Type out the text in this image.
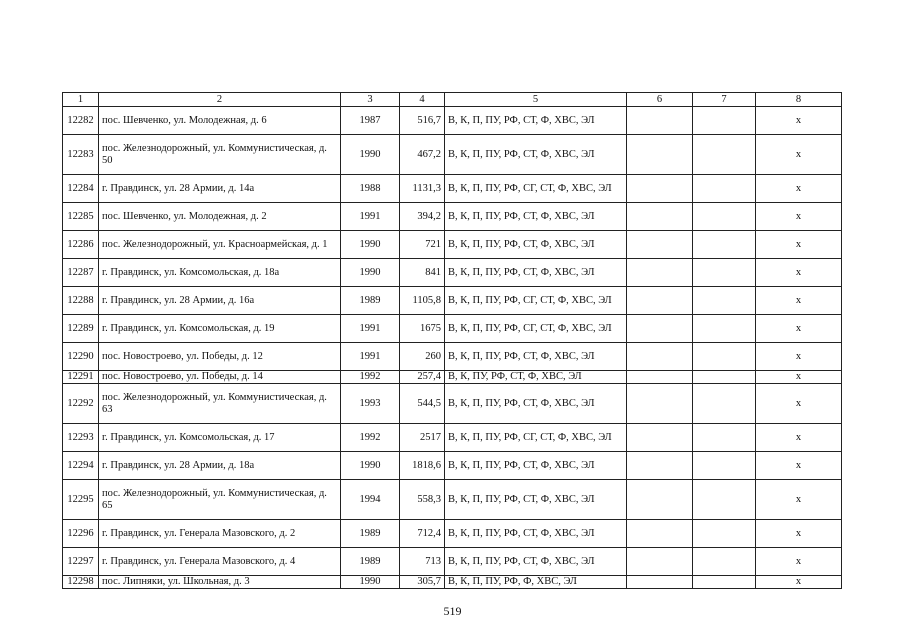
1	2	3	4	5	6	7	8
12282	пос. Шевченко, ул. Молодежная, д. 6	1987	516,7	В, К, П, ПУ, РФ, СТ, Ф, ХВС, ЭЛ			х
12283	пос. Железнодорожный, ул. Коммунистическая, д. 50	1990	467,2	В, К, П, ПУ, РФ, СТ, Ф, ХВС, ЭЛ			х
12284	г. Правдинск, ул. 28 Армии, д. 14а	1988	1131,3	В, К, П, ПУ, РФ, СГ, СТ, Ф, ХВС, ЭЛ			х
12285	пос. Шевченко, ул. Молодежная, д. 2	1991	394,2	В, К, П, ПУ, РФ, СТ, Ф, ХВС, ЭЛ			х
12286	пос. Железнодорожный, ул. Красноармейская, д. 1	1990	721	В, К, П, ПУ, РФ, СТ, Ф, ХВС, ЭЛ			х
12287	г. Правдинск, ул. Комсомольская, д. 18а	1990	841	В, К, П, ПУ, РФ, СТ, Ф, ХВС, ЭЛ			х
12288	г. Правдинск, ул. 28 Армии, д. 16а	1989	1105,8	В, К, П, ПУ, РФ, СГ, СТ, Ф, ХВС, ЭЛ			х
12289	г. Правдинск, ул. Комсомольская, д. 19	1991	1675	В, К, П, ПУ, РФ, СГ, СТ, Ф, ХВС, ЭЛ			х
12290	пос. Новостроево, ул. Победы, д. 12	1991	260	В, К, П, ПУ, РФ, СТ, Ф, ХВС, ЭЛ			х
12291	пос. Новостроево, ул. Победы, д. 14	1992	257,4	В, К, ПУ, РФ, СТ, Ф, ХВС, ЭЛ			х
12292	пос. Железнодорожный, ул. Коммунистическая, д. 63	1993	544,5	В, К, П, ПУ, РФ, СТ, Ф, ХВС, ЭЛ			х
12293	г. Правдинск, ул. Комсомольская, д. 17	1992	2517	В, К, П, ПУ, РФ, СГ, СТ, Ф, ХВС, ЭЛ			х
12294	г. Правдинск, ул. 28 Армии, д. 18а	1990	1818,6	В, К, П, ПУ, РФ, СТ, Ф, ХВС, ЭЛ			х
12295	пос. Железнодорожный, ул. Коммунистическая, д. 65	1994	558,3	В, К, П, ПУ, РФ, СТ, Ф, ХВС, ЭЛ			х
12296	г. Правдинск, ул. Генерала Мазовского, д. 2	1989	712,4	В, К, П, ПУ, РФ, СТ, Ф, ХВС, ЭЛ			х
12297	г. Правдинск, ул. Генерала Мазовского, д. 4	1989	713	В, К, П, ПУ, РФ, СТ, Ф, ХВС, ЭЛ			х
12298	пос. Липняки, ул. Школьная, д. 3	1990	305,7	В, К, П, ПУ, РФ, Ф, ХВС, ЭЛ			х
519
